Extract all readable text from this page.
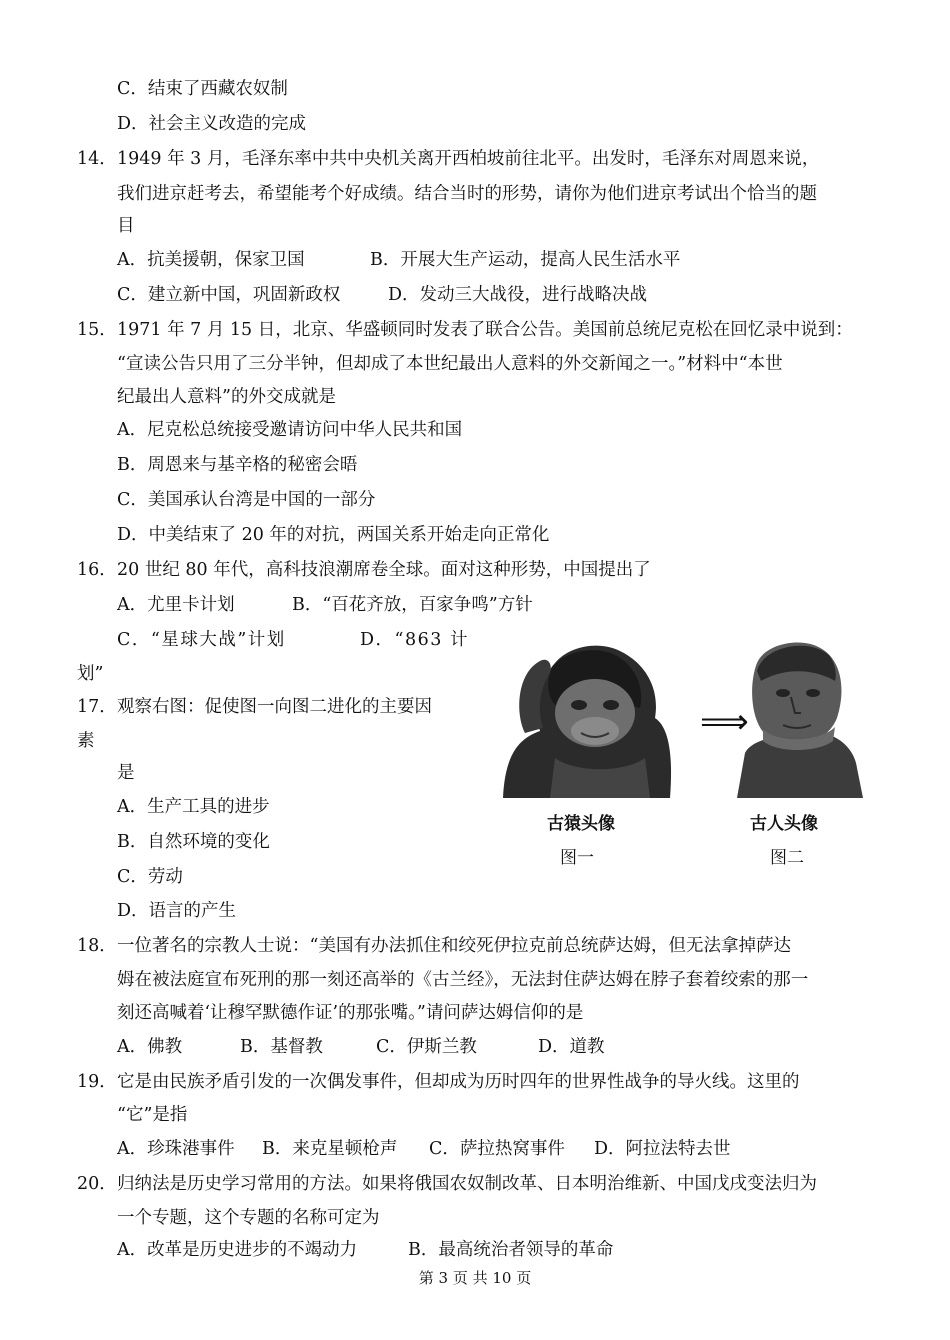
C．结束了西藏农奴制
D．社会主义改造的完成
14． 1949 年 3 月，毛泽东率中共中央机关离开西柏坡前往北平。出发时，毛泽东对周恩来说，
我们进京赶考去，希望能考个好成绩。结合当时的形势，请你为他们进京考试出个恰当的题
目
A．抗美援朝，保家卫国	B．开展大生产运动，提高人民生活水平
C．建立新中国，巩固新政权	D．发动三大战役，进行战略决战
15． 1971 年 7 月 15 日，北京、华盛顿同时发表了联合公告。美国前总统尼克松在回忆录中说到：
“宣读公告只用了三分半钟，但却成了本世纪最出人意料的外交新闻之一。”材料中“本世
纪最出人意料”的外交成就是
A．尼克松总统接受邀请访问中华人民共和国
B．周恩来与基辛格的秘密会晤
C．美国承认台湾是中国的一部分
D．中美结束了 20 年的对抗，两国关系开始走向正常化
16． 20 世纪 80 年代，高科技浪潮席卷全球。面对这种形势，中国提出了
A．尤里卡计划	B．“百花齐放，百家争鸣”方针
C．“星球大战”计划	D．“863 计
划”
17． 观察右图：促使图一向图二进化的主要因
素
是
A．生产工具的进步
B．自然环境的变化
C．劳动
D．语言的产生
⟹
古猿头像
图一
古人头像
图二
18． 一位著名的宗教人士说：“美国有办法抓住和绞死伊拉克前总统萨达姆，但无法拿掉萨达
姆在被法庭宣布死刑的那一刻还高举的《古兰经》，无法封住萨达姆在脖子套着绞索的那一
刻还高喊着‘让穆罕默德作证’的那张嘴。”请问萨达姆信仰的是
A．佛教	B．基督教	C．伊斯兰教	D．道教
19． 它是由民族矛盾引发的一次偶发事件，但却成为历时四年的世界性战争的导火线。这里的
“它”是指
A．珍珠港事件 B．来克星顿枪声 C．萨拉热窝事件 D．阿拉法特去世
20． 归纳法是历史学习常用的方法。如果将俄国农奴制改革、日本明治维新、中国戊戌变法归为
一个专题，这个专题的名称可定为
A．改革是历史进步的不竭动力	B．最高统治者领导的革命
第 3 页 共 10 页
